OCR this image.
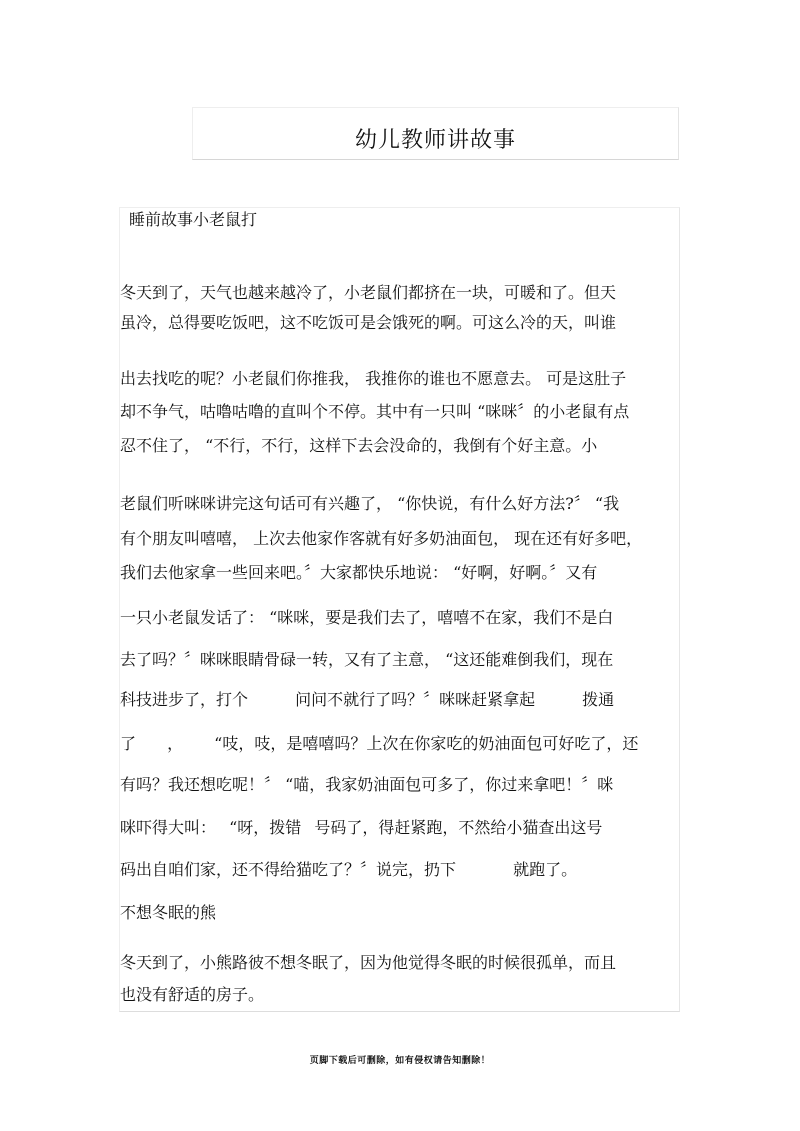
幼儿教师讲故事
睡前故事小老鼠打
冬天到了，天气也越来越冷了，小老鼠们都挤在一块，可暖和了。但天
虽冷，总得要吃饭吧，这不吃饭可是会饿死的啊。可这么冷的天，叫谁
出去找吃的呢？小老鼠们你推我， 我推你的谁也不愿意去。 可是这肚子
却不争气，咕噜咕噜的直叫个不停。其中有一只叫 “咪咪〞的小老鼠有点
忍不住了， “不行，不行，这样下去会没命的，我倒有个好主意。小
老鼠们听咪咪讲完这句话可有兴趣了， “你快说，有什么好方法?〞 “我
有个朋友叫嘻嘻， 上次去他家作客就有好多奶油面包， 现在还有好多吧，
我们去他家拿一些回来吧。〞大家都快乐地说： “好啊，好啊。〞又有
一只小老鼠发话了： “咪咪，要是我们去了，嘻嘻不在家，我们不是白
去了吗？〞咪咪眼睛骨碌一转，又有了主意， “这还能难倒我们，现在
科技进步了，打个 问问不就行了吗？〞咪咪赶紧拿起 拨通
了 ， “吱，吱，是嘻嘻吗？上次在你家吃的奶油面包可好吃了，还
有吗？我还想吃呢！〞 “喵，我家奶油面包可多了，你过来拿吧！〞咪
咪吓得大叫： “呀，拨错 号码了，得赶紧跑，不然给小猫查出这号
码出自咱们家，还不得给猫吃了？〞说完，扔下 就跑了。
不想冬眠的熊
冬天到了，小熊路彼不想冬眠了，因为他觉得冬眠的时候很孤单，而且
也没有舒适的房子。
页脚下载后可删除，如有侵权请告知删除！
